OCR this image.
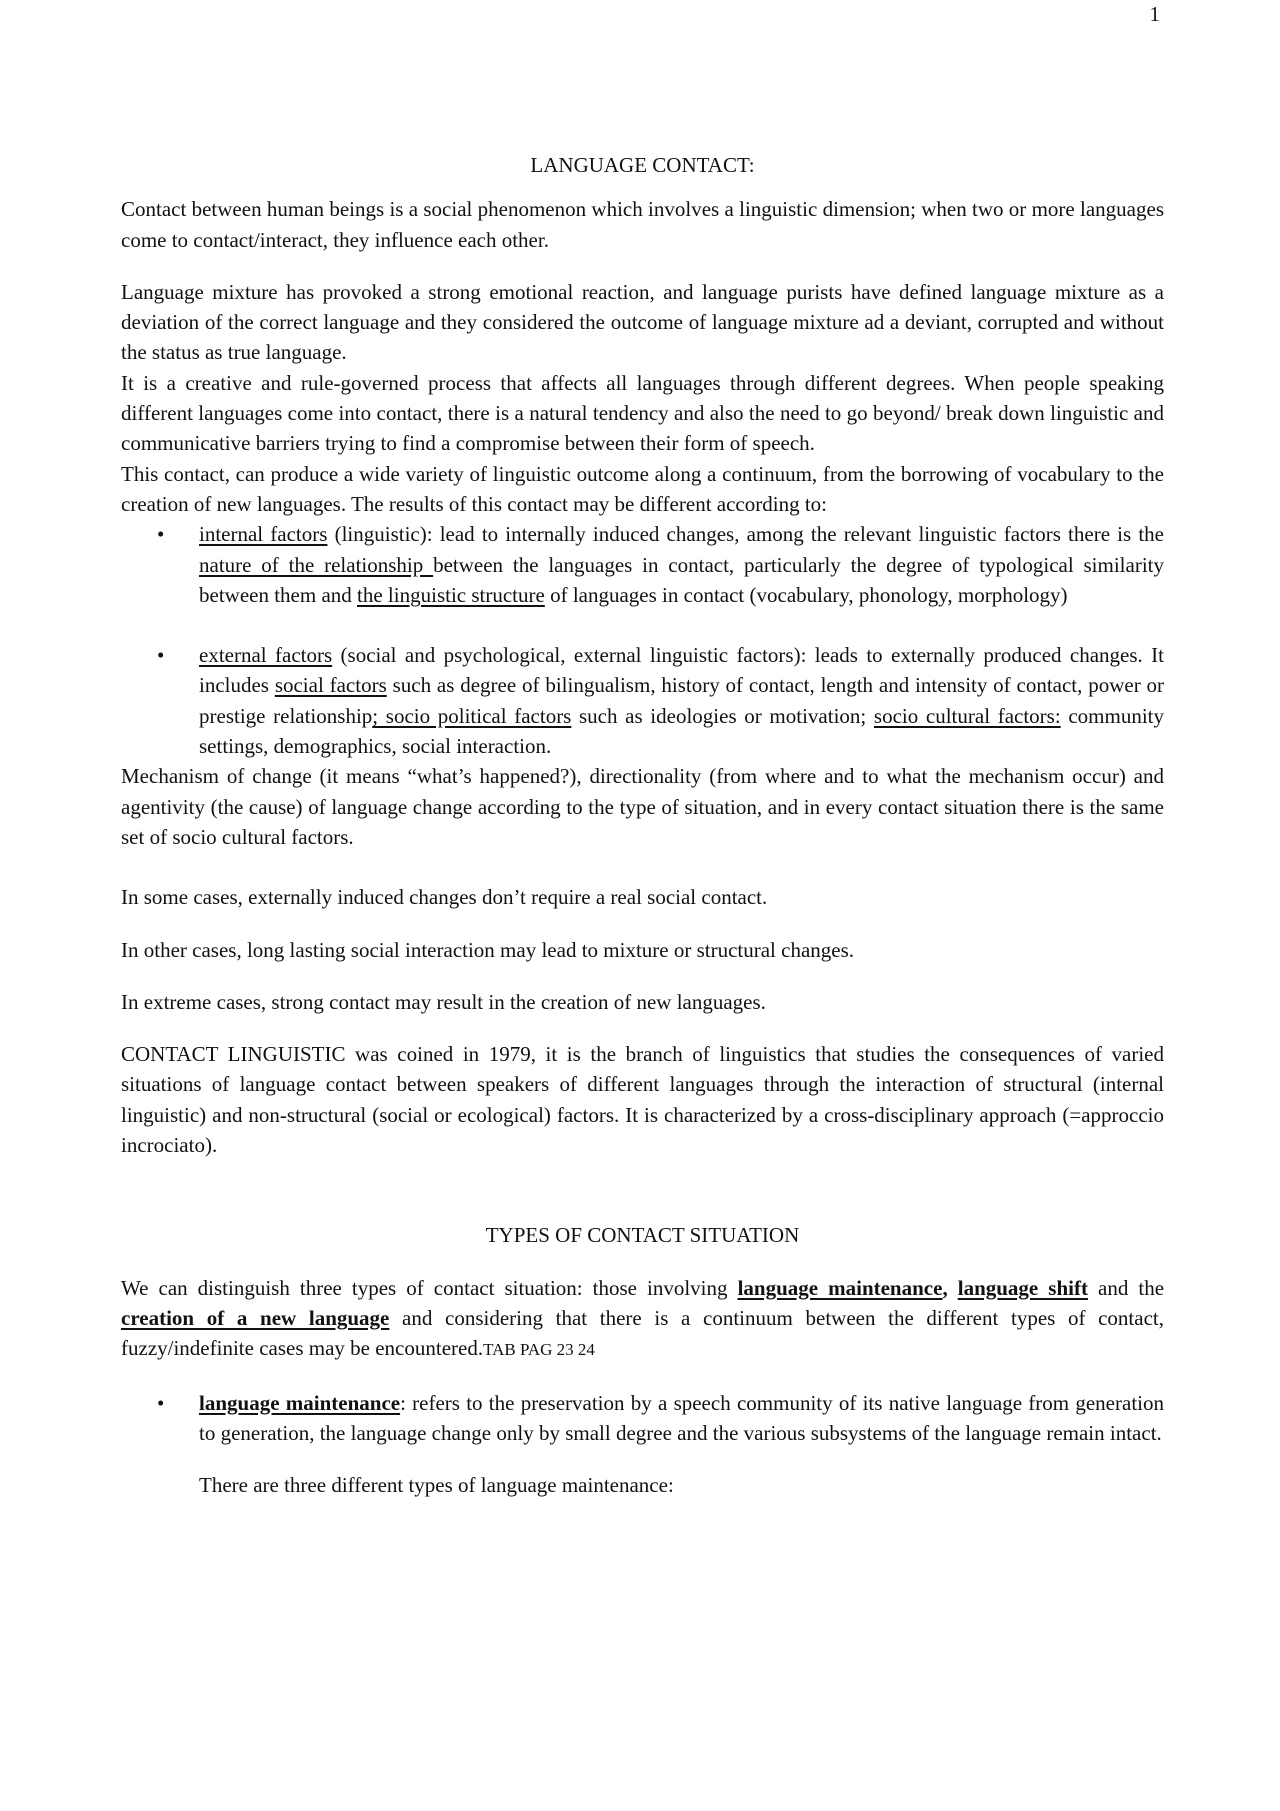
1
LANGUAGE CONTACT:

Contact between human beings is a social phenomenon which involves a linguistic dimension; when two or more languages come to contact/interact, they influence each other.

Language mixture has provoked a strong emotional reaction, and language purists have defined language mixture as a deviation of the correct language and they considered the outcome of language mixture ad a deviant, corrupted and without the status as true language.

It is a creative and rule-governed process that affects all languages through different degrees. When people speaking different languages come into contact, there is a natural tendency and also the need to go beyond/ break down linguistic and communicative barriers trying to find a compromise between their form of speech.

This contact, can produce a wide variety of linguistic outcome along a continuum, from the borrowing of vocabulary to the creation of new languages. The results of this contact may be different according to:

• internal factors (linguistic): lead to internally induced changes, among the relevant linguistic factors there is the nature of the relationship between the languages in contact, particularly the degree of typological similarity between them and the linguistic structure of languages in contact (vocabulary, phonology, morphology)
• external factors (social and psychological, external linguistic factors): leads to externally produced changes. It includes social factors such as degree of bilingualism, history of contact, length and intensity of contact, power or prestige relationship; socio political factors such as ideologies or motivation; socio cultural factors: community settings, demographics, social interaction.

Mechanism of change (it means “what’s happened?), directionality (from where and to what the mechanism occur) and agentivity (the cause) of language change according to the type of situation, and in every contact situation there is the same set of socio cultural factors.

In some cases, externally induced changes don’t require a real social contact.

In other cases, long lasting social interaction may lead to mixture or structural changes.

In extreme cases, strong contact may result in the creation of new languages.

CONTACT LINGUISTIC was coined in 1979, it is the branch of linguistics that studies the consequences of varied situations of language contact between speakers of different languages through the interaction of structural (internal linguistic) and non-structural (social or ecological) factors. It is characterized by a cross-disciplinary approach (=approccio incrociato).

TYPES OF CONTACT SITUATION

We can distinguish three types of contact situation: those involving language maintenance, language shift and the creation of a new language and considering that there is a continuum between the different types of contact, fuzzy/indefinite cases may be encountered.TAB PAG 23 24

• language maintenance: refers to the preservation by a speech community of its native language from generation to generation, the language change only by small degree and the various subsystems of the language remain intact.

There are three different types of language maintenance:
